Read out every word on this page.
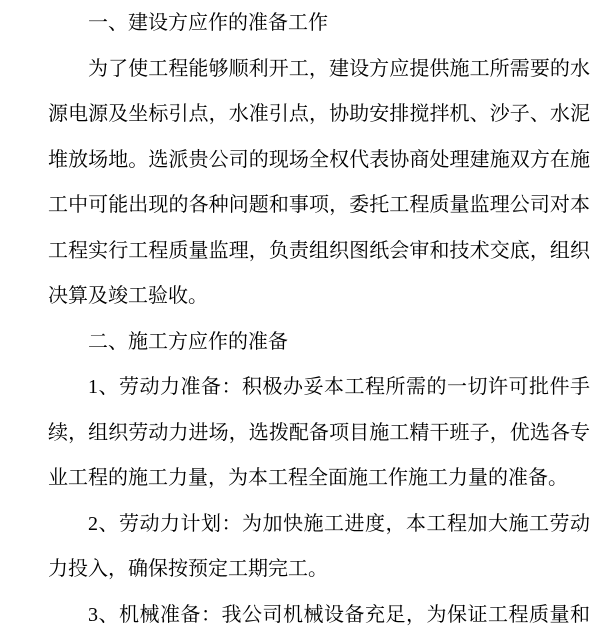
一、建设方应作的准备工作
为了使工程能够顺利开工，建设方应提供施工所需要的水
源电源及坐标引点，水准引点，协助安排搅拌机、沙子、水泥
堆放场地。选派贵公司的现场全权代表协商处理建施双方在施
工中可能出现的各种问题和事项，委托工程质量监理公司对本
工程实行工程质量监理，负责组织图纸会审和技术交底，组织
决算及竣工验收。
二、施工方应作的准备
1、劳动力准备：积极办妥本工程所需的一切许可批件手
续，组织劳动力进场，选拨配备项目施工精干班子，优选各专
业工程的施工力量，为本工程全面施工作施工力量的准备。
2、劳动力计划：为加快施工进度，本工程加大施工劳动
力投入，确保按预定工期完工。
3、机械准备：我公司机械设备充足，为保证工程质量和
